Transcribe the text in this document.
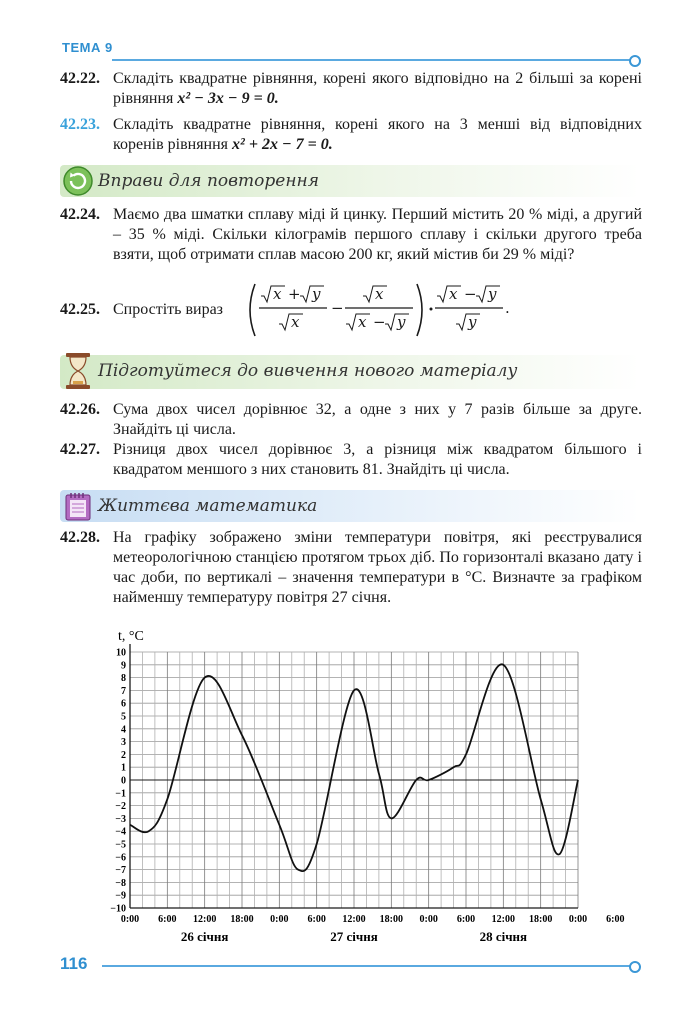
ТЕМА 9
42.22. Складіть квадратне рівняння, корені якого відповідно на 2 більші за корені рівняння x² − 3x − 9 = 0.
42.23. Складіть квадратне рівняння, корені якого на 3 менші від відповідних коренів рівняння x² + 2x − 7 = 0.
Вправи для повторення
42.24. Маємо два шматки сплаву міді й цинку. Перший містить 20 % міді, а другий – 35 % міді. Скільки кілограмів першого сплаву і скільки другого треба взяти, щоб отримати сплав масою 200 кг, який містив би 29 % міді?
42.25. Спростіть вираз
x + y
x
−
x
x − y
x − y
y
.
Підготуйтеся до вивчення нового матеріалу
42.26. Сума двох чисел дорівнює 32, а одне з них у 7 разів більше за друге. Знайдіть ці числа.
42.27. Різниця двох чисел дорівнює 3, а різниця між квадратом більшого і квадратом меншого з них становить 81. Знайдіть ці числа.
Життєва математика
42.28. На графіку зображено зміни температури повітря, які реєструвалися метеорологічною станцією протягом трьох діб. По горизонталі вказано дату і час доби, по вертикалі – значення температури в °С. Визначте за графіком найменшу температуру повітря 27 січня.
t, °C
10
9
8
7
6
5
4
3
2
1
0
−1
−2
−3
−4
−5
−6
−7
−8
−9
−10
0:00 6:00 12:00 18:00 0:00 6:00 12:00 18:00 0:00 6:00 12:00 18:00 0:00 6:00
26 січня	27 січня	28 січня
116
